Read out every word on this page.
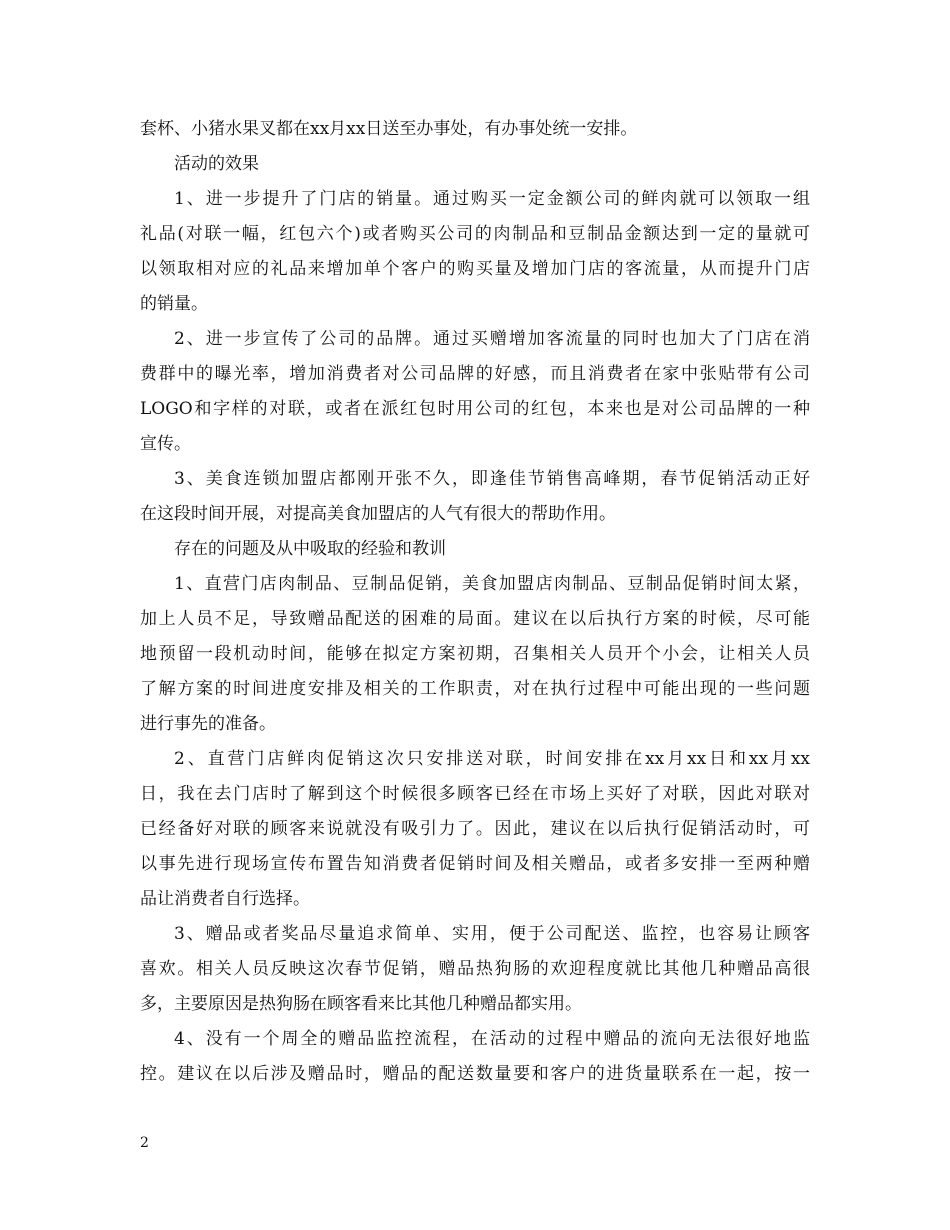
套杯、小猪水果叉都在xx月xx日送至办事处，有办事处统一安排。
活动的效果
1、进一步提升了门店的销量。通过购买一定金额公司的鲜肉就可以领取一组
礼品(对联一幅，红包六个)或者购买公司的肉制品和豆制品金额达到一定的量就可
以领取相对应的礼品来增加单个客户的购买量及增加门店的客流量，从而提升门店
的销量。
2、进一步宣传了公司的品牌。通过买赠增加客流量的同时也加大了门店在消
费群中的曝光率，增加消费者对公司品牌的好感，而且消费者在家中张贴带有公司
LOGO和字样的对联，或者在派红包时用公司的红包，本来也是对公司品牌的一种
宣传。
3、美食连锁加盟店都刚开张不久，即逢佳节销售高峰期，春节促销活动正好
在这段时间开展，对提高美食加盟店的人气有很大的帮助作用。
存在的问题及从中吸取的经验和教训
1、直营门店肉制品、豆制品促销，美食加盟店肉制品、豆制品促销时间太紧，
加上人员不足，导致赠品配送的困难的局面。建议在以后执行方案的时候，尽可能
地预留一段机动时间，能够在拟定方案初期，召集相关人员开个小会，让相关人员
了解方案的时间进度安排及相关的工作职责，对在执行过程中可能出现的一些问题
进行事先的准备。
2、直营门店鲜肉促销这次只安排送对联，时间安排在xx月xx日和xx月xx
日，我在去门店时了解到这个时候很多顾客已经在市场上买好了对联，因此对联对
已经备好对联的顾客来说就没有吸引力了。因此，建议在以后执行促销活动时，可
以事先进行现场宣传布置告知消费者促销时间及相关赠品，或者多安排一至两种赠
品让消费者自行选择。
3、赠品或者奖品尽量追求简单、实用，便于公司配送、监控，也容易让顾客
喜欢。相关人员反映这次春节促销，赠品热狗肠的欢迎程度就比其他几种赠品高很
多，主要原因是热狗肠在顾客看来比其他几种赠品都实用。
4、没有一个周全的赠品监控流程，在活动的过程中赠品的流向无法很好地监
控。建议在以后涉及赠品时，赠品的配送数量要和客户的进货量联系在一起，按一
2
